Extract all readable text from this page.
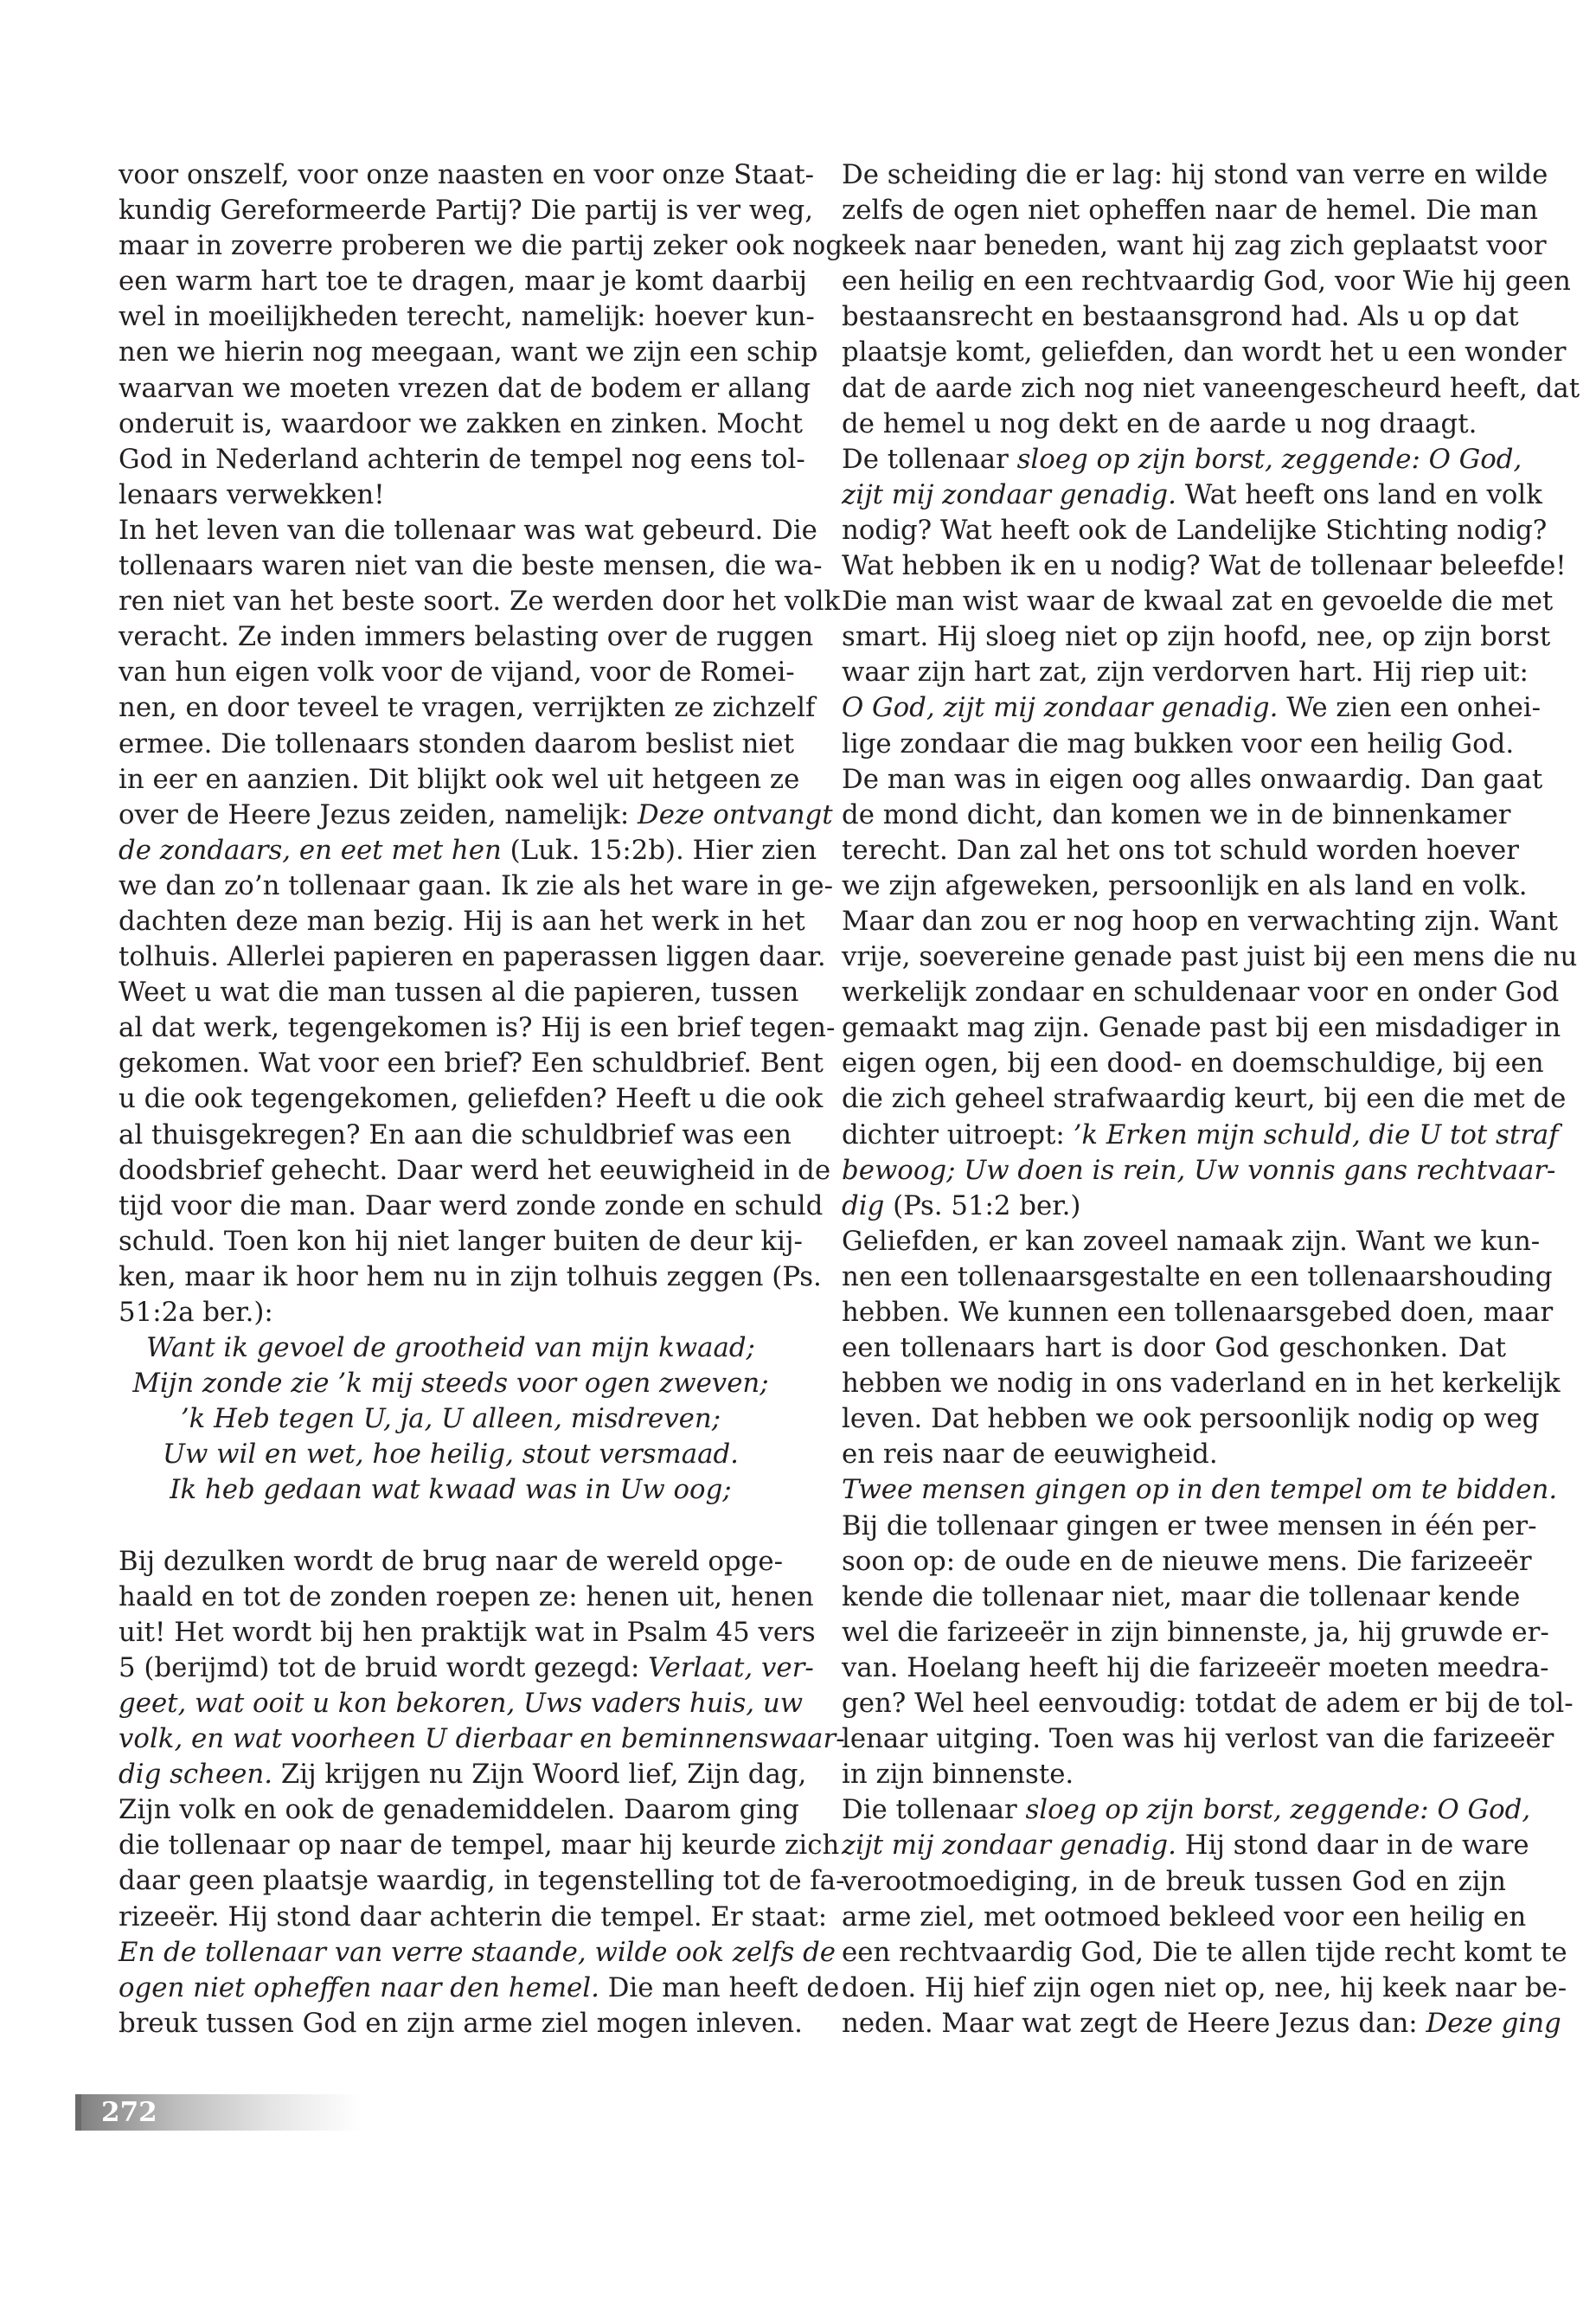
voor onszelf, voor onze naasten en voor onze Staat-
kundig Gereformeerde Partij? Die partij is ver weg,
maar in zoverre proberen we die partij zeker ook nog
een warm hart toe te dragen, maar je komt daarbij
wel in moeilijkheden terecht, namelijk: hoever kun-
nen we hierin nog meegaan, want we zijn een schip
waarvan we moeten vrezen dat de bodem er allang
onderuit is, waardoor we zakken en zinken. Mocht
God in Nederland achterin de tempel nog eens tol-
lenaars verwekken!

In het leven van die tollenaar was wat gebeurd. Die
tollenaars waren niet van die beste mensen, die wa-
ren niet van het beste soort. Ze werden door het volk
veracht. Ze inden immers belasting over de ruggen
van hun eigen volk voor de vijand, voor de Romei-
nen, en door teveel te vragen, verrijkten ze zichzelf
ermee. Die tollenaars stonden daarom beslist niet
in eer en aanzien. Dit blijkt ook wel uit hetgeen ze
over de Heere Jezus zeiden, namelijk: Deze ontvangt
de zondaars, en eet met hen (Luk. 15:2b). Hier zien
we dan zo’n tollenaar gaan. Ik zie als het ware in ge-
dachten deze man bezig. Hij is aan het werk in het
tolhuis. Allerlei papieren en paperassen liggen daar.
Weet u wat die man tussen al die papieren, tussen
al dat werk, tegengekomen is? Hij is een brief tegen-
gekomen. Wat voor een brief? Een schuldbrief. Bent
u die ook tegengekomen, geliefden? Heeft u die ook
al thuisgekregen? En aan die schuldbrief was een
doodsbrief gehecht. Daar werd het eeuwigheid in de
tijd voor die man. Daar werd zonde zonde en schuld
schuld. Toen kon hij niet langer buiten de deur kij-
ken, maar ik hoor hem nu in zijn tolhuis zeggen (Ps.
51:2a ber.):

Want ik gevoel de grootheid van mijn kwaad;
Mijn zonde zie ’k mij steeds voor ogen zweven;
’k Heb tegen U, ja, U alleen, misdreven;
Uw wil en wet, hoe heilig, stout versmaad.
Ik heb gedaan wat kwaad was in Uw oog;

Bij dezulken wordt de brug naar de wereld opge-
haald en tot de zonden roepen ze: henen uit, henen
uit! Het wordt bij hen praktijk wat in Psalm 45 vers
5 (berijmd) tot de bruid wordt gezegd: Verlaat, ver-
geet, wat ooit u kon bekoren, Uws vaders huis, uw
volk, en wat voorheen U dierbaar en beminnenswaar-
dig scheen. Zij krijgen nu Zijn Woord lief, Zijn dag,
Zijn volk en ook de genademiddelen. Daarom ging
die tollenaar op naar de tempel, maar hij keurde zich
daar geen plaatsje waardig, in tegenstelling tot de fa-
rizeeër. Hij stond daar achterin die tempel. Er staat:
En de tollenaar van verre staande, wilde ook zelfs de
ogen niet opheffen naar den hemel. Die man heeft de
breuk tussen God en zijn arme ziel mogen inleven.

De scheiding die er lag: hij stond van verre en wilde
zelfs de ogen niet opheffen naar de hemel. Die man
keek naar beneden, want hij zag zich geplaatst voor
een heilig en een rechtvaardig God, voor Wie hij geen
bestaansrecht en bestaansgrond had. Als u op dat
plaatsje komt, geliefden, dan wordt het u een wonder
dat de aarde zich nog niet vaneengescheurd heeft, dat
de hemel u nog dekt en de aarde u nog draagt.

De tollenaar sloeg op zijn borst, zeggende: O God,
zijt mij zondaar genadig. Wat heeft ons land en volk
nodig? Wat heeft ook de Landelijke Stichting nodig?
Wat hebben ik en u nodig? Wat de tollenaar beleefde!
Die man wist waar de kwaal zat en gevoelde die met
smart. Hij sloeg niet op zijn hoofd, nee, op zijn borst
waar zijn hart zat, zijn verdorven hart. Hij riep uit:
O God, zijt mij zondaar genadig. We zien een onhei-
lige zondaar die mag bukken voor een heilig God.
De man was in eigen oog alles onwaardig. Dan gaat
de mond dicht, dan komen we in de binnenkamer
terecht. Dan zal het ons tot schuld worden hoever
we zijn afgeweken, persoonlijk en als land en volk.
Maar dan zou er nog hoop en verwachting zijn. Want
vrije, soevereine genade past juist bij een mens die nu
werkelijk zondaar en schuldenaar voor en onder God
gemaakt mag zijn. Genade past bij een misdadiger in
eigen ogen, bij een dood- en doemschuldige, bij een
die zich geheel strafwaardig keurt, bij een die met de
dichter uitroept: ’k Erken mijn schuld, die U tot straf
bewoog; Uw doen is rein, Uw vonnis gans rechtvaar-
dig (Ps. 51:2 ber.)

Geliefden, er kan zoveel namaak zijn. Want we kun-
nen een tollenaarsgestalte en een tollenaarshouding
hebben. We kunnen een tollenaarsgebed doen, maar
een tollenaars hart is door God geschonken. Dat
hebben we nodig in ons vaderland en in het kerkelijk
leven. Dat hebben we ook persoonlijk nodig op weg
en reis naar de eeuwigheid.

Twee mensen gingen op in den tempel om te bidden.
Bij die tollenaar gingen er twee mensen in één per-
soon op: de oude en de nieuwe mens. Die farizeeër
kende die tollenaar niet, maar die tollenaar kende
wel die farizeeër in zijn binnenste, ja, hij gruwde er-
van. Hoelang heeft hij die farizeeër moeten meedra-
gen? Wel heel eenvoudig: totdat de adem er bij de tol-
lenaar uitging. Toen was hij verlost van die farizeeër
in zijn binnenste.

Die tollenaar sloeg op zijn borst, zeggende: O God,
zijt mij zondaar genadig. Hij stond daar in de ware
verootmoediging, in de breuk tussen God en zijn
arme ziel, met ootmoed bekleed voor een heilig en
een rechtvaardig God, Die te allen tijde recht komt te
doen. Hij hief zijn ogen niet op, nee, hij keek naar be-
neden. Maar wat zegt de Heere Jezus dan: Deze ging

272
